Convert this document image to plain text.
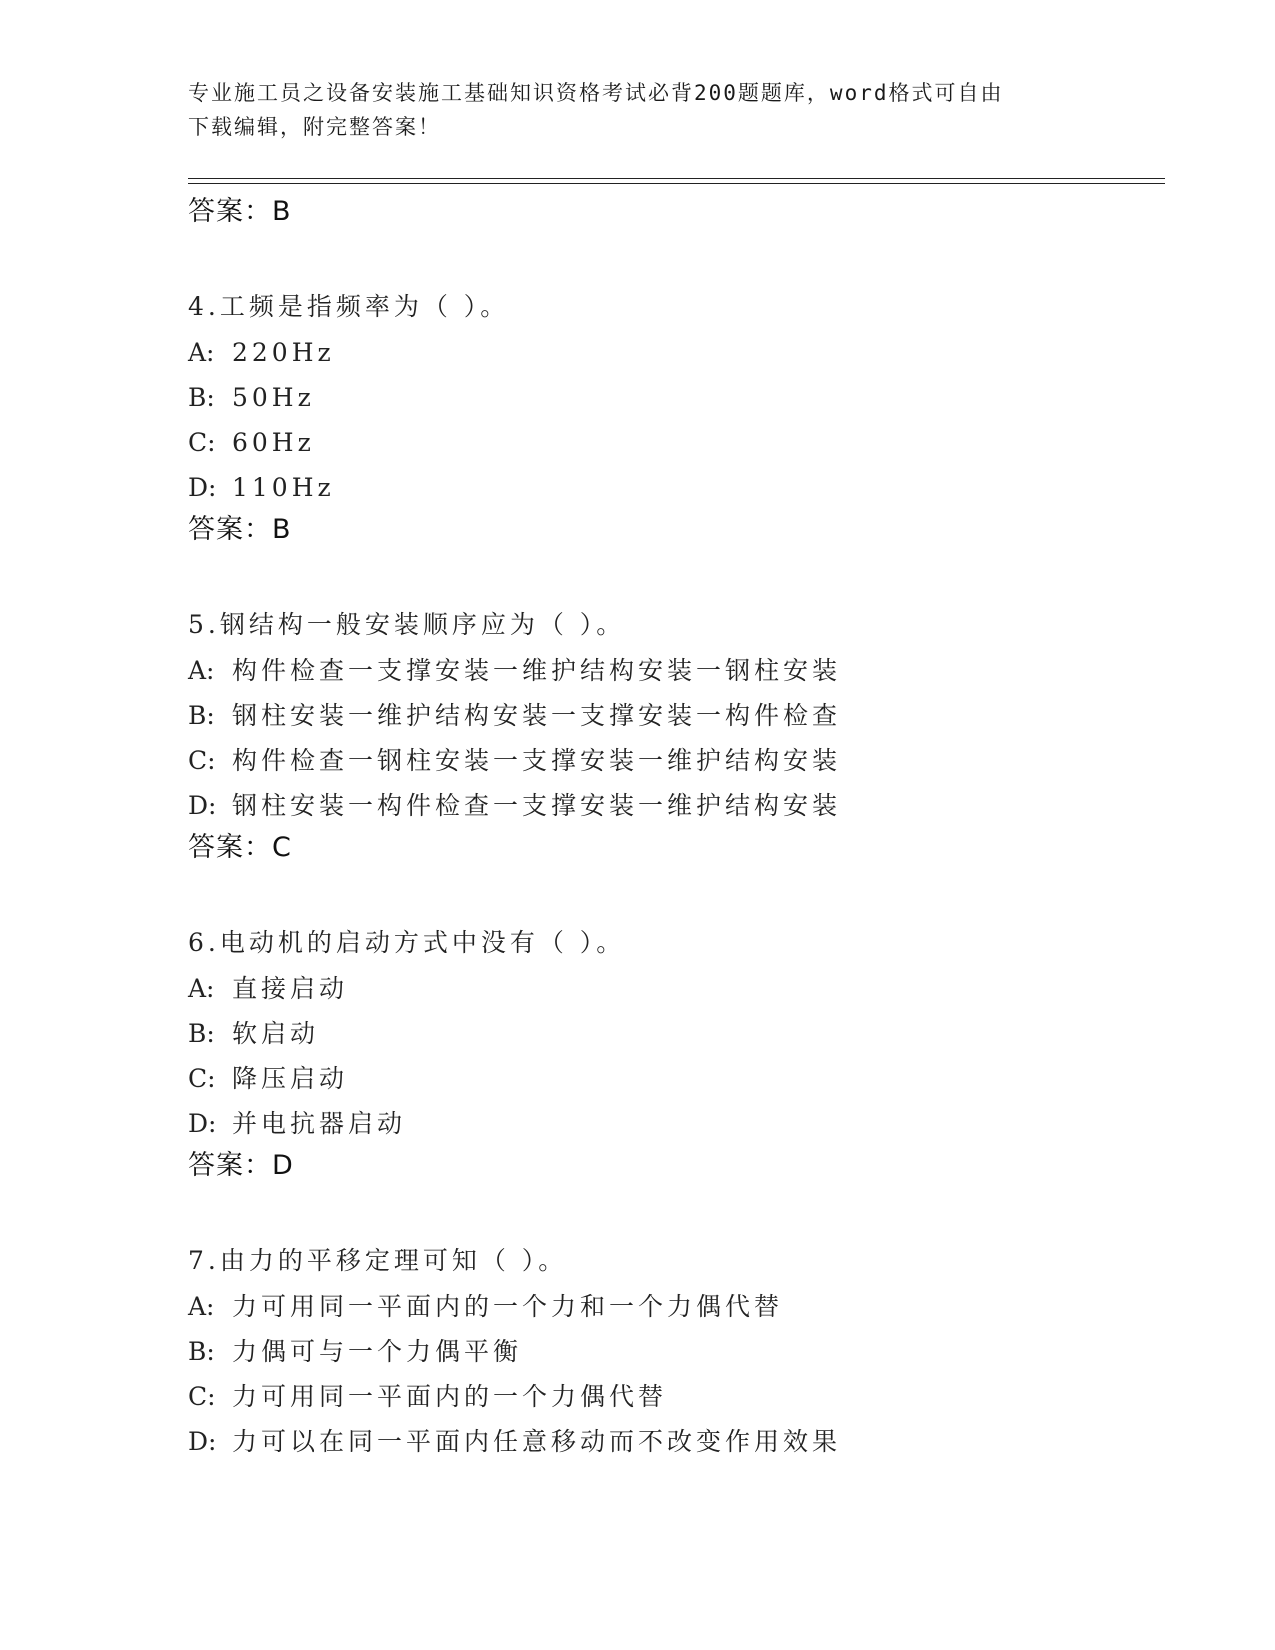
专业施工员之设备安装施工基础知识资格考试必背200题题库，word格式可自由
下载编辑，附完整答案！
答案：B
4.工频是指频率为（ ）。
A: 220Hz
B: 50Hz
C: 60Hz
D: 110Hz
答案：B
5.钢结构一般安装顺序应为（ ）。
A: 构件检查一支撑安装一维护结构安装一钢柱安装
B: 钢柱安装一维护结构安装一支撑安装一构件检查
C: 构件检查一钢柱安装一支撑安装一维护结构安装
D: 钢柱安装一构件检查一支撑安装一维护结构安装
答案：C
6.电动机的启动方式中没有（ ）。
A: 直接启动
B: 软启动
C: 降压启动
D: 并电抗器启动
答案：D
7.由力的平移定理可知（ ）。
A: 力可用同一平面内的一个力和一个力偶代替
B: 力偶可与一个力偶平衡
C: 力可用同一平面内的一个力偶代替
D: 力可以在同一平面内任意移动而不改变作用效果
